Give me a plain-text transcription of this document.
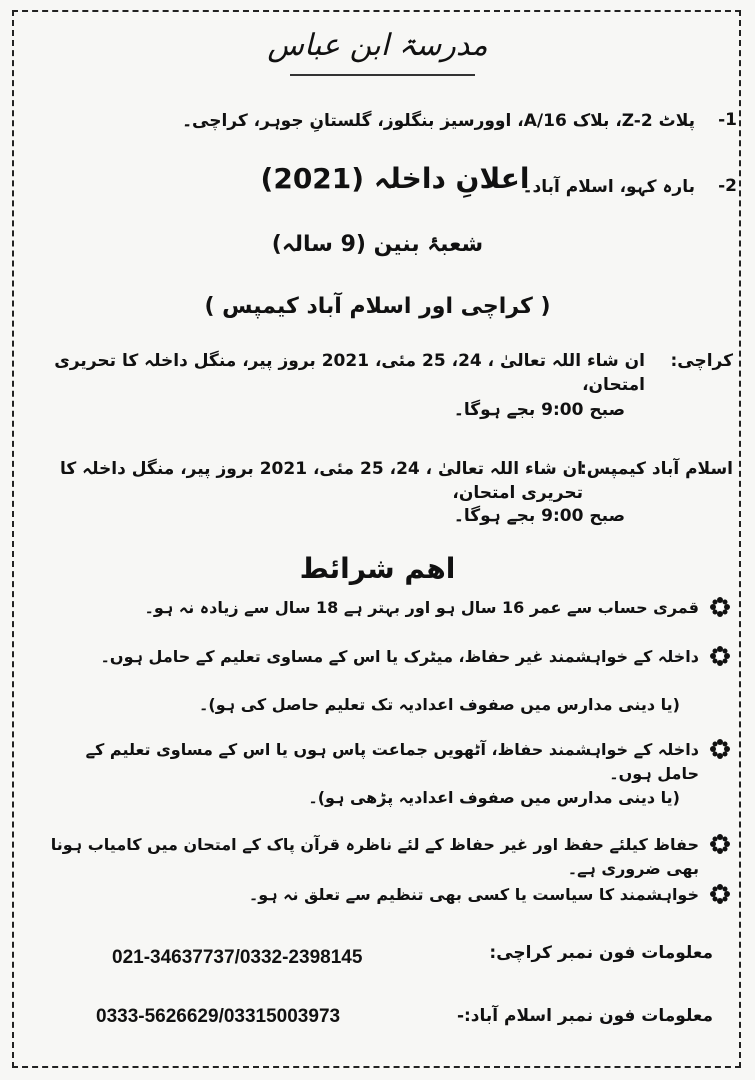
مدرسۃ ابن عباس
-1
پلاٹ Z-2، بلاک 16/A، اوورسیز بنگلوز، گلستانِ جوہر، کراچی۔
-2
بارہ کہو، اسلام آباد۔
اعلانِ داخلہ (2021)
شعبۂ بنین (9 سالہ)
( کراچی اور اسلام آباد کیمپس )
کراچی:
ان شاء اللہ تعالیٰ ، 24، 25 مئی، 2021 بروز پیر، منگل داخلہ کا تحریری امتحان،
صبح 9:00 بجے ہوگا۔
اسلام آباد کیمپس:
ان شاء اللہ تعالیٰ ، 24، 25 مئی، 2021 بروز پیر، منگل داخلہ کا تحریری امتحان،
صبح 9:00 بجے ہوگا۔
اھم شرائط
قمری حساب سے عمر 16 سال ہو اور بہتر ہے 18 سال سے زیادہ نہ ہو۔
داخلہ کے خواہشمند غیر حفاظ، میٹرک یا اس کے مساوی تعلیم کے حامل ہوں۔
(یا دینی مدارس میں صفوف اعدادیہ تک تعلیم حاصل کی ہو)۔
داخلہ کے خواہشمند حفاظ، آٹھویں جماعت پاس ہوں یا اس کے مساوی تعلیم کے حامل ہوں۔
(یا دینی مدارس میں صفوف اعدادیہ پڑھی ہو)۔
حفاظ کیلئے حفظ اور غیر حفاظ کے لئے ناظرہ قرآن پاک کے امتحان میں کامیاب ہونا بھی ضروری ہے۔
خواہشمند کا سیاست یا کسی بھی تنظیم سے تعلق نہ ہو۔
معلومات فون نمبر کراچی:
021-34637737/0332-2398145
معلومات فون نمبر اسلام آباد:-
0333-5626629/03315003973
